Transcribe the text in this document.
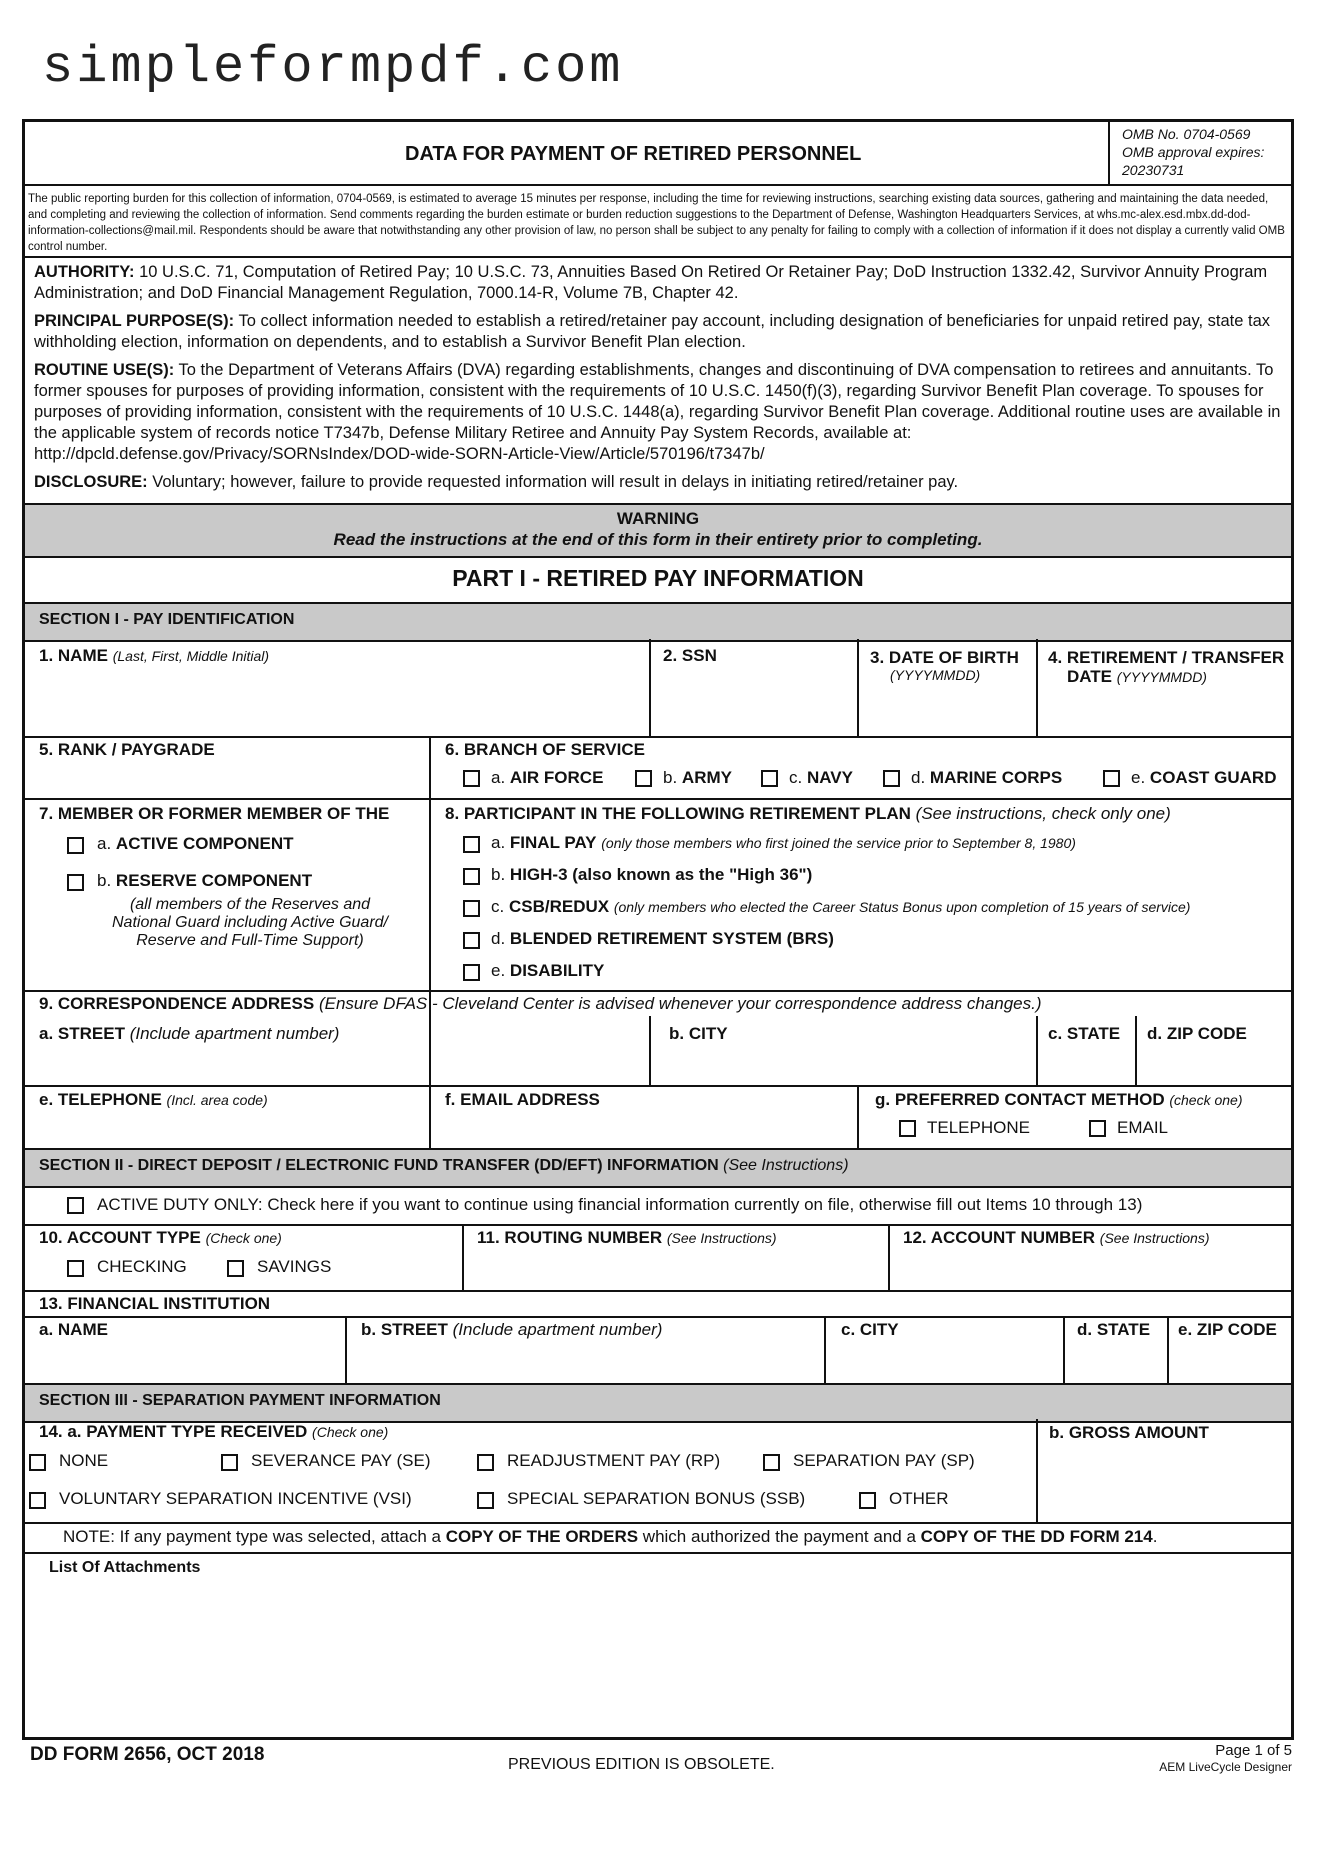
simpleformpdf.com
DATA FOR PAYMENT OF RETIRED PERSONNEL
OMB No. 0704-0569
OMB approval expires:
20230731
The public reporting burden for this collection of information, 0704-0569, is estimated to average 15 minutes per response, including the time for reviewing instructions, searching existing data sources, gathering and maintaining the data needed, and completing and reviewing the collection of information. Send comments regarding the burden estimate or burden reduction suggestions to the Department of Defense, Washington Headquarters Services, at whs.mc-alex.esd.mbx.dd-dod-information-collections@mail.mil. Respondents should be aware that notwithstanding any other provision of law, no person shall be subject to any penalty for failing to comply with a collection of information if it does not display a currently valid OMB control number.
AUTHORITY: 10 U.S.C. 71, Computation of Retired Pay; 10 U.S.C. 73, Annuities Based On Retired Or Retainer Pay; DoD Instruction 1332.42, Survivor Annuity Program Administration; and DoD Financial Management Regulation, 7000.14-R, Volume 7B, Chapter 42.
PRINCIPAL PURPOSE(S): To collect information needed to establish a retired/retainer pay account, including designation of beneficiaries for unpaid retired pay, state tax withholding election, information on dependents, and to establish a Survivor Benefit Plan election.
ROUTINE USE(S): To the Department of Veterans Affairs (DVA) regarding establishments, changes and discontinuing of DVA compensation to retirees and annuitants. To former spouses for purposes of providing information, consistent with the requirements of 10 U.S.C. 1450(f)(3), regarding Survivor Benefit Plan coverage. To spouses for purposes of providing information, consistent with the requirements of 10 U.S.C. 1448(a), regarding Survivor Benefit Plan coverage. Additional routine uses are available in the applicable system of records notice T7347b, Defense Military Retiree and Annuity Pay System Records, available at: http://dpcld.defense.gov/Privacy/SORNsIndex/DOD-wide-SORN-Article-View/Article/570196/t7347b/
DISCLOSURE: Voluntary; however, failure to provide requested information will result in delays in initiating retired/retainer pay.
WARNING
Read the instructions at the end of this form in their entirety prior to completing.
PART I - RETIRED PAY INFORMATION
SECTION I - PAY IDENTIFICATION
1. NAME (Last, First, Middle Initial)	2. SSN	3. DATE OF BIRTH
(YYYYMMDD)
4. RETIREMENT / TRANSFER
DATE (YYYYMMDD)
5. RANK / PAYGRADE	6. BRANCH OF SERVICE
a. AIR FORCE	b. ARMY	c. NAVY	d. MARINE CORPS	e. COAST GUARD
7. MEMBER OR FORMER MEMBER OF THE
a. ACTIVE COMPONENT
b. RESERVE COMPONENT
(all members of the Reserves and
National Guard including Active Guard/
Reserve and Full-Time Support)
8. PARTICIPANT IN THE FOLLOWING RETIREMENT PLAN (See instructions, check only one)
a. FINAL PAY (only those members who first joined the service prior to September 8, 1980)
b. HIGH-3 (also known as the "High 36")
c. CSB/REDUX (only members who elected the Career Status Bonus upon completion of 15 years of service)
d. BLENDED RETIREMENT SYSTEM (BRS)
e. DISABILITY
9. CORRESPONDENCE ADDRESS (Ensure DFAS - Cleveland Center is advised whenever your correspondence address changes.)
a. STREET (Include apartment number)	b. CITY	c. STATE d. ZIP CODE
e. TELEPHONE (Incl. area code)	f. EMAIL ADDRESS	g. PREFERRED CONTACT METHOD (check one)
TELEPHONE	EMAIL
SECTION II - DIRECT DEPOSIT / ELECTRONIC FUND TRANSFER (DD/EFT) INFORMATION (See Instructions)
ACTIVE DUTY ONLY: Check here if you want to continue using financial information currently on file, otherwise fill out Items 10 through 13)
10. ACCOUNT TYPE (Check one)
CHECKING	SAVINGS
11. ROUTING NUMBER (See Instructions)	12. ACCOUNT NUMBER (See Instructions)
13. FINANCIAL INSTITUTION
a. NAME	b. STREET (Include apartment number)	c. CITY	d. STATE e. ZIP CODE
SECTION III - SEPARATION PAYMENT INFORMATION
14. a. PAYMENT TYPE RECEIVED (Check one)	b. GROSS AMOUNT
NONE	SEVERANCE PAY (SE)	READJUSTMENT PAY (RP)	SEPARATION PAY (SP)
VOLUNTARY SEPARATION INCENTIVE (VSI)	SPECIAL SEPARATION BONUS (SSB)	OTHER
NOTE: If any payment type was selected, attach a COPY OF THE ORDERS which authorized the payment and a COPY OF THE DD FORM 214.
List Of Attachments
DD FORM 2656, OCT 2018	PREVIOUS EDITION IS OBSOLETE.
Page 1 of 5
AEM LiveCycle Designer
